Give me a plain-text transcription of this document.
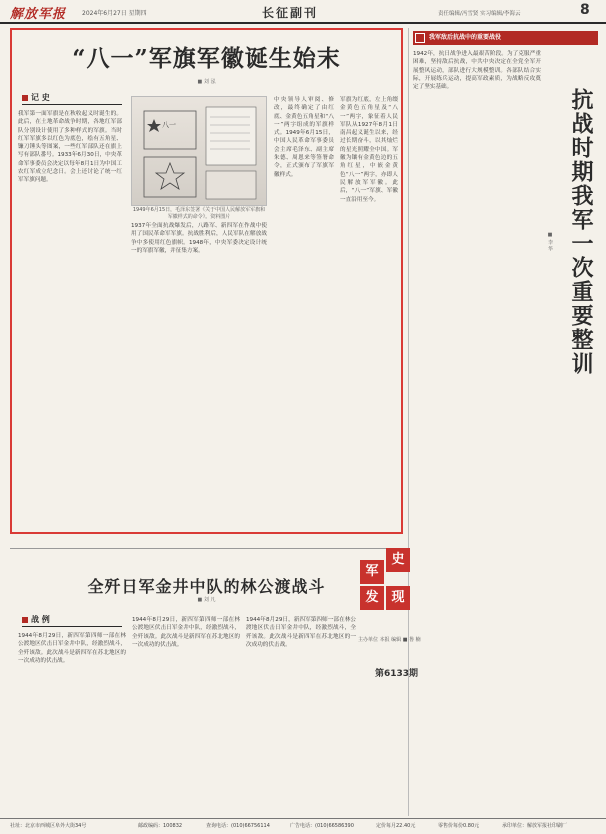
解放军报	2024年6月27日 星期四	长征副刊	责任编辑/冯雪贤 实习编辑/李海云	8
“八一”军旗军徽诞生始末
■ 刘 泓
记 史

我军第一面军旗是在秋收起义时诞生的。此后，在土地革命战争时期，各地红军部队分别设计使用了多种样式的军旗。当时红军军旗多以红色为底色，绘有五角星、镰刀锤头等图案，一些红军部队还在旗上写有部队番号。1933年6月30日，中央革命军事委员会决定以每年8月1日为中国工农红军成立纪念日。会上还讨论了统一红军军旗问题。

八一
1949年6月15日，毛泽东签署《关于中国人民解放军军旗和军徽样式的命令》。资料图片

1937年全面抗战爆发后，八路军、新四军在作战中使用了国民革命军军旗。抗战胜利后，人民军队在解放战争中多使用红色旗帜。1948年，中央军委决定设计统一的军旗军徽，并征集方案。

中央领导人审阅、修改，最终确定了由红底、金黄色五角星和“八一”两字组成的军旗样式。1949年6月15日，中国人民革命军事委员会主席毛泽东、副主席朱德、周恩来等签署命令，正式颁布了军旗军徽样式。

军旗为红底，左上角缀金黄色五角星及“八一”两字，象征着人民军队从1927年8月1日南昌起义诞生以来，经过长期奋斗，以其灿烂的星光照耀全中国。军徽为镶有金黄色边的五角红星，中嵌金黄色“八一”两字，亦即人民解放军军徽。此后，“八一”军旗、军徽一直沿用至今。

我军敌后抗战中的重要战役
抗战时期我军一次重要整训
■ 李 华

1942年，抗日战争进入最艰苦阶段。为了克服严重困难，坚持敌后抗战，中共中央决定在全党全军开展整风运动，部队进行大规模整训。各部队结合实际，开展练兵运动，提高军政素质，为战略反攻奠定了坚实基础。

全歼日军金井中队的林公渡战斗
■ 刘 凡
战 例

1944年8月29日，新四军第四师一部在林公渡地区伏击日军金井中队，经激烈战斗，全歼该敌。此次战斗是新四军在苏北地区的一次成功的伏击战。

1944年8月29日，新四军第四师一部在林公渡地区伏击日军金井中队，经激烈战斗，全歼该敌。此次战斗是新四军在苏北地区的一次成功的伏击战。

1944年8月29日，新四军第四师一部在林公渡地区伏击日军金井中队，经激烈战斗，全歼该敌。此次战斗是新四军在苏北地区的一次成功的伏击战。

军
史
发 现
主办单位 本报 编辑 ■ 鲁 楠
第6133期
社址：北京市西城区阜外大街34号	邮政编码：100832	查询电话：(010)66756114	广告电话：(010)66586390	定价每月22.40元	零售价每份0.80元	承印单位：解放军报社印刷厂
